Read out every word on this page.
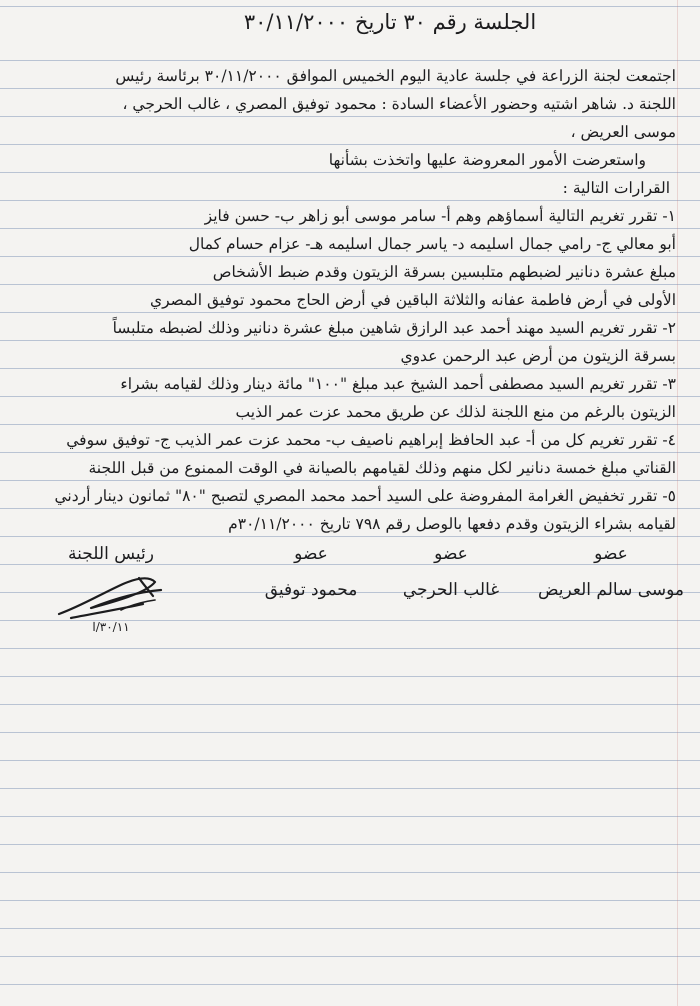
الجلسة رقم ٣٠ تاريخ ٣٠/١١/٢٠٠٠
اجتمعت لجنة الزراعة في جلسة عادية اليوم الخميس الموافق ٣٠/١١/٢٠٠٠ برئاسة رئيس
اللجنة د. شاهر اشتيه وحضور الأعضاء السادة : محمود توفيق المصري ، غالب الحرجي ،
موسى العريض ،
واستعرضت الأمور المعروضة عليها واتخذت بشأنها
القرارات التالية :
١- تقرر تغريم التالية أسماؤهم وهم أ- سامر موسى أبو زاهر ب- حسن فايز
أبو معالي ج- رامي جمال اسليمه د- ياسر جمال اسليمه هـ- عزام حسام كمال
مبلغ عشرة دنانير لضبطهم متلبسين بسرقة الزيتون وقدم ضبط الأشخاص
الأولى في أرض فاطمة عفانه والثلاثة الباقين في أرض الحاج محمود توفيق المصري
٢- تقرر تغريم السيد مهند أحمد عبد الرازق شاهين مبلغ عشرة دنانير وذلك لضبطه متلبساً
بسرقة الزيتون من أرض عبد الرحمن عدوي
٣- تقرر تغريم السيد مصطفى أحمد الشيخ عبد مبلغ "١٠٠" مائة دينار وذلك لقيامه بشراء
الزيتون بالرغم من منع اللجنة لذلك عن طريق محمد عزت عمر الذيب
٤- تقرر تغريم كل من أ- عبد الحافظ إبراهيم ناصيف ب- محمد عزت عمر الذيب ج- توفيق سوفي
القناتي مبلغ خمسة دنانير لكل منهم وذلك لقيامهم بالصيانة في الوقت الممنوع من قبل اللجنة
٥- تقرر تخفيض الغرامة المفروضة على السيد أحمد محمد المصري لتصبح "٨٠" ثمانون دينار أردني
لقيامه بشراء الزيتون وقدم دفعها بالوصل رقم ٧٩٨ تاريخ ٣٠/١١/٢٠٠٠م
عضو
موسى سالم العريض
عضو
غالب الحرجي
عضو
محمود توفيق
رئيس اللجنة
٣٠/١١/ا
